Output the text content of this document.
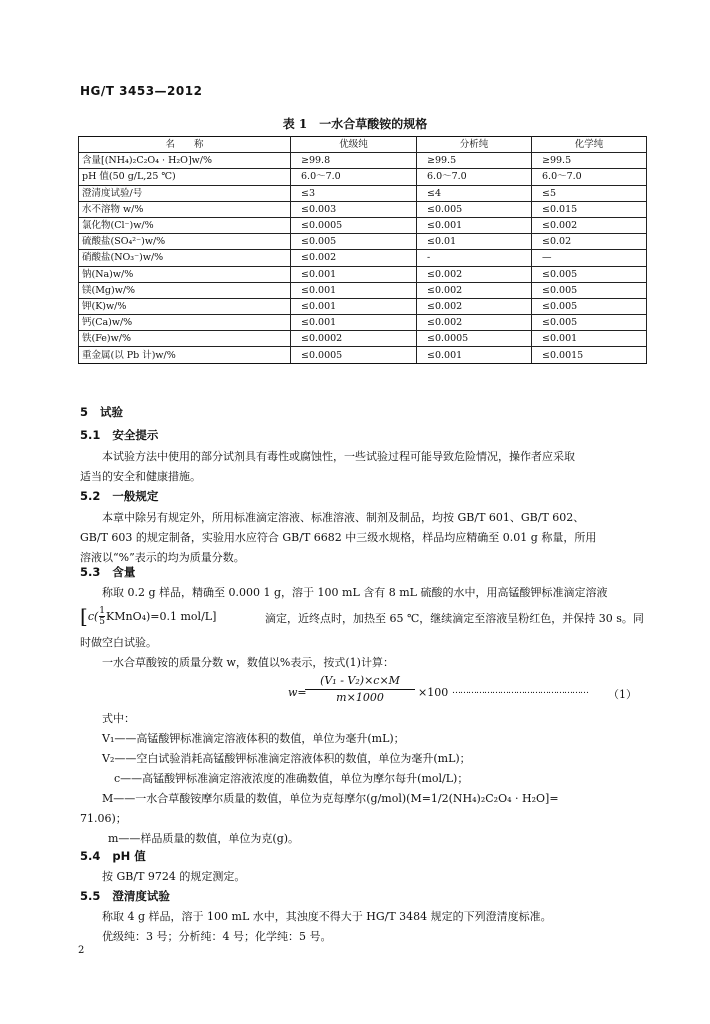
HG/T 3453—2012
表 1　一水合草酸铵的规格
名　　称	优级纯	分析纯	化学纯
含量[(NH₄)₂C₂O₄ · H₂O]w/%	≥99.8	≥99.5	≥99.5
pH 值(50 g/L,25 ℃)	6.0～7.0	6.0～7.0	6.0～7.0
澄清度试验/号	≤3	≤4	≤5
水不溶物 w/%	≤0.003	≤0.005	≤0.015
氯化物(Cl⁻)w/%	≤0.0005	≤0.001	≤0.002
硫酸盐(SO₄²⁻)w/%	≤0.005	≤0.01	≤0.02
硝酸盐(NO₃⁻)w/%	≤0.002	-	—
钠(Na)w/%	≤0.001	≤0.002	≤0.005
镁(Mg)w/%	≤0.001	≤0.002	≤0.005
钾(K)w/%	≤0.001	≤0.002	≤0.005
钙(Ca)w/%	≤0.001	≤0.002	≤0.005
铁(Fe)w/%	≤0.0002	≤0.0005	≤0.001
重金属(以 Pb 计)w/%	≤0.0005	≤0.001	≤0.0015
5 试验
5.1 安全提示
本试验方法中使用的部分试剂具有毒性或腐蚀性，一些试验过程可能导致危险情况，操作者应采取
适当的安全和健康措施。
5.2 一般规定
本章中除另有规定外，所用标准滴定溶液、标准溶液、制剂及制品，均按 GB/T 601、GB/T 602、
GB/T 603 的规定制备，实验用水应符合 GB/T 6682 中三级水规格，样品均应精确至 0.01 g 称量，所用
溶液以“%”表示的均为质量分数。
5.3 含量
称取 0.2 g 样品，精确至 0.000 1 g，溶于 100 mL 含有 8 mL 硫酸的水中，用高锰酸钾标准滴定溶液
[$c( \frac{1}{5}$ KMnO₄)=0.1 mol/L]	滴定，近终点时，加热至 65 ℃，继续滴定至溶液呈粉红色，并保持 30 s。同
时做空白试验。
一水合草酸铵的质量分数 w，数值以%表示，按式(1)计算：
w=
(V₁ - V₂)×c×M
m×1000	×100 …………………………………………… （1）
式中：
V₁——高锰酸钾标准滴定溶液体积的数值，单位为毫升(mL)；
V₂——空白试验消耗高锰酸钾标准滴定溶液体积的数值，单位为毫升(mL)；
c——高锰酸钾标准滴定溶液浓度的准确数值，单位为摩尔每升(mol/L)；
M——一水合草酸铵摩尔质量的数值，单位为克每摩尔(g/mol)(M=1/2(NH₄)₂C₂O₄ · H₂O]=
71.06)；
m——样品质量的数值，单位为克(g)。
5.4 pH 值
按 GB/T 9724 的规定测定。
5.5 澄清度试验
称取 4 g 样品，溶于 100 mL 水中，其浊度不得大于 HG/T 3484 规定的下列澄清度标准。
优级纯：3 号；分析纯：4 号；化学纯：5 号。
2
